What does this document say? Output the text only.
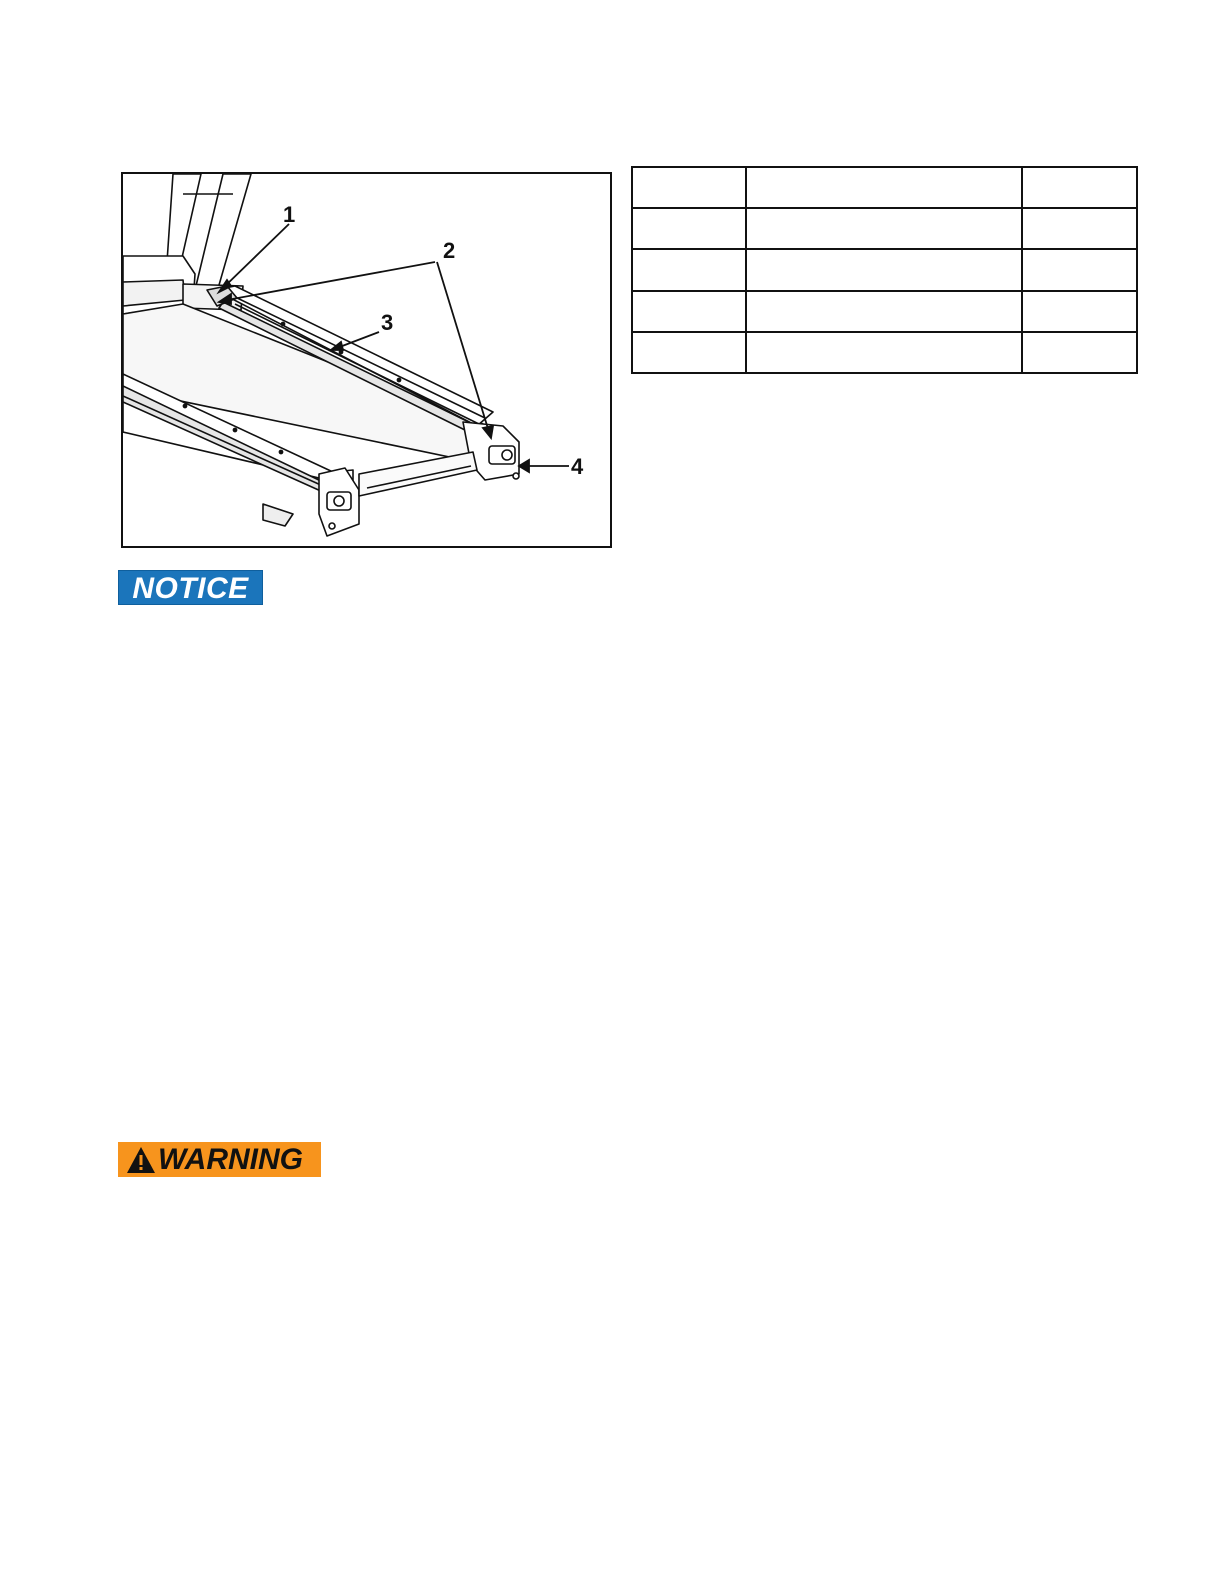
1
2
3
4

NOTICE
WARNING
